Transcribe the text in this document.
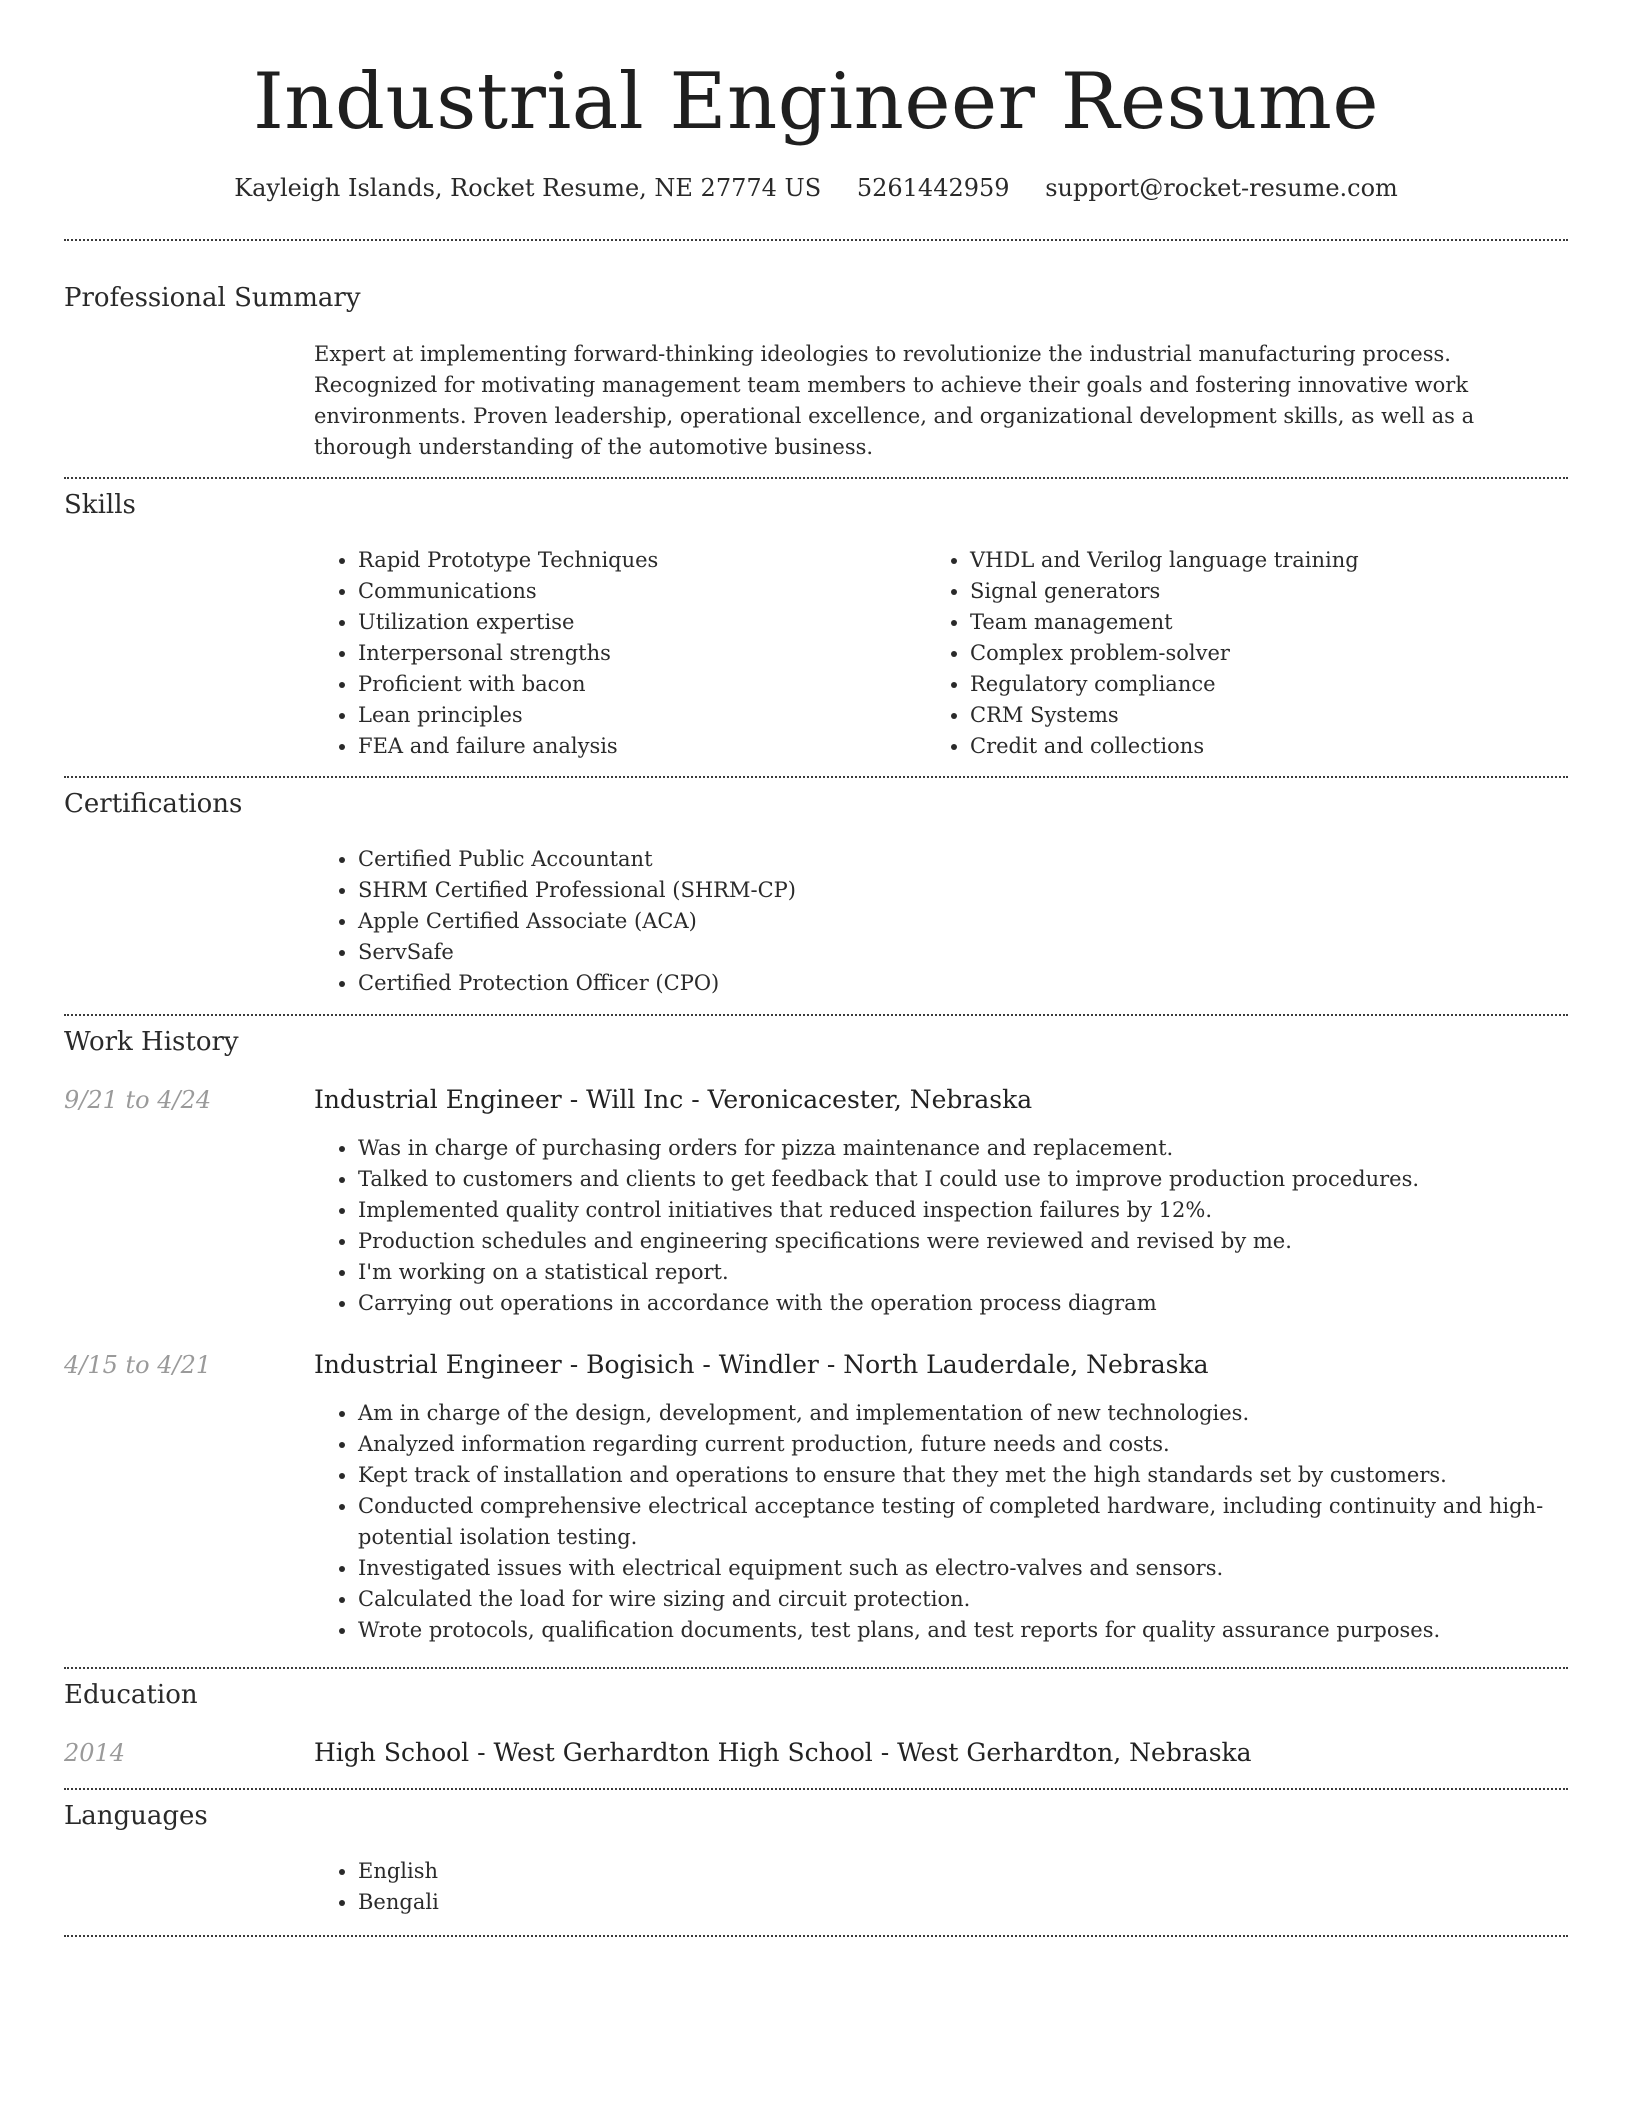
Industrial Engineer Resume
Kayleigh Islands, Rocket Resume, NE 27774 US 5261442959 support@rocket-resume.com
Professional Summary
Expert at implementing forward-thinking ideologies to revolutionize the industrial manufacturing process. Recognized for motivating management team members to achieve their goals and fostering innovative work environments. Proven leadership, operational excellence, and organizational development skills, as well as a thorough understanding of the automotive business.
Skills
• Rapid Prototype Techniques
• Communications
• Utilization expertise
• Interpersonal strengths
• Proficient with bacon
• Lean principles
• FEA and failure analysis
• VHDL and Verilog language training
• Signal generators
• Team management
• Complex problem-solver
• Regulatory compliance
• CRM Systems
• Credit and collections
Certifications
• Certified Public Accountant
• SHRM Certified Professional (SHRM-CP)
• Apple Certified Associate (ACA)
• ServSafe
• Certified Protection Officer (CPO)
Work History
9/21 to 4/24	Industrial Engineer - Will Inc - Veronicacester, Nebraska
• Was in charge of purchasing orders for pizza maintenance and replacement.
• Talked to customers and clients to get feedback that I could use to improve production procedures.
• Implemented quality control initiatives that reduced inspection failures by 12%.
• Production schedules and engineering specifications were reviewed and revised by me.
• I'm working on a statistical report.
• Carrying out operations in accordance with the operation process diagram
4/15 to 4/21	Industrial Engineer - Bogisich - Windler - North Lauderdale, Nebraska
• Am in charge of the design, development, and implementation of new technologies.
• Analyzed information regarding current production, future needs and costs.
• Kept track of installation and operations to ensure that they met the high standards set by customers.
• Conducted comprehensive electrical acceptance testing of completed hardware, including continuity and high-potential isolation testing.
• Investigated issues with electrical equipment such as electro-valves and sensors.
• Calculated the load for wire sizing and circuit protection.
• Wrote protocols, qualification documents, test plans, and test reports for quality assurance purposes.
Education
2014	High School - West Gerhardton High School - West Gerhardton, Nebraska
Languages
• English
• Bengali
